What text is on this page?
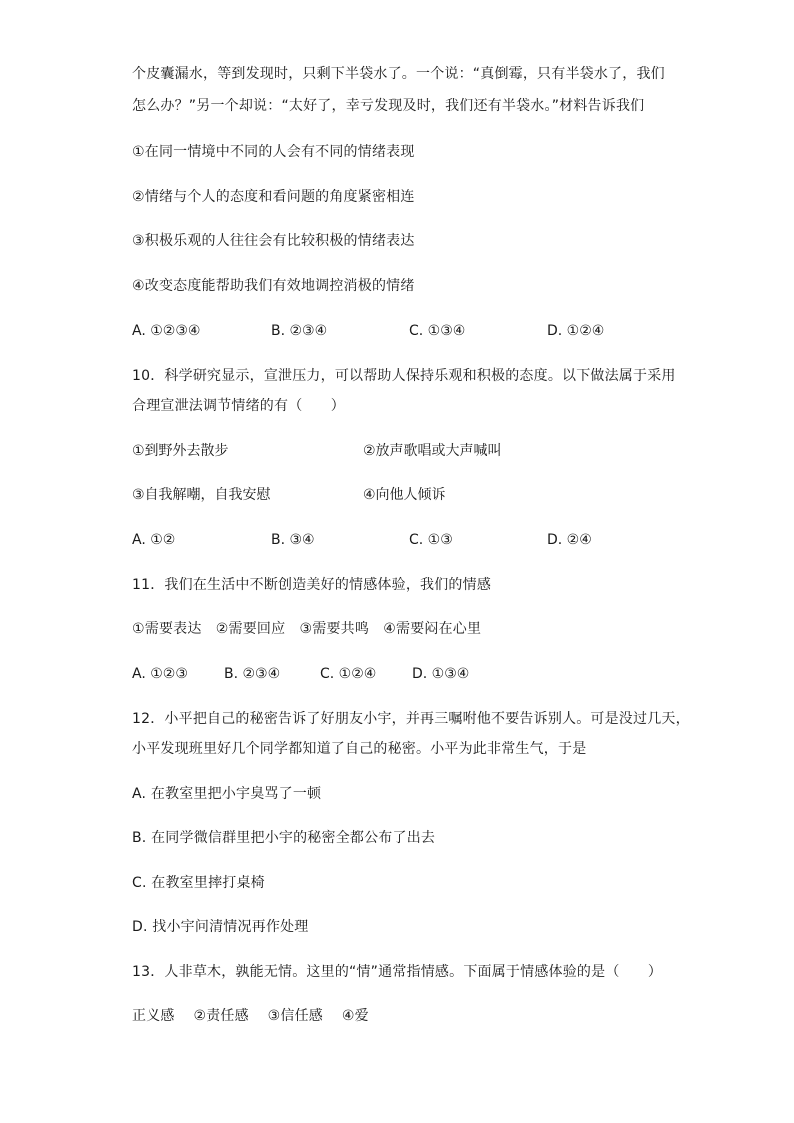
个皮囊漏水，等到发现时，只剩下半袋水了。一个说：“真倒霉，只有半袋水了，我们
怎么办？”另一个却说：“太好了，幸亏发现及时，我们还有半袋水。”材料告诉我们
①在同一情境中不同的人会有不同的情绪表现
②情绪与个人的态度和看问题的角度紧密相连
③积极乐观的人往往会有比较积极的情绪表达
④改变态度能帮助我们有效地调控消极的情绪
A. ①②③④	B. ②③④	C. ①③④	D. ①②④
10．科学研究显示，宣泄压力，可以帮助人保持乐观和积极的态度。以下做法属于采用
合理宣泄法调节情绪的有（　　）
①到野外去散步	②放声歌唱或大声喊叫
③自我解嘲，自我安慰	④向他人倾诉
A. ①②	B. ③④	C. ①③	D. ②④
11．我们在生活中不断创造美好的情感体验，我们的情感
①需要表达　②需要回应　③需要共鸣　④需要闷在心里
A. ①②③	B. ②③④	C. ①②④	D. ①③④
12．小平把自己的秘密告诉了好朋友小宇，并再三嘱咐他不要告诉别人。可是没过几天，
小平发现班里好几个同学都知道了自己的秘密。小平为此非常生气，于是
A. 在教室里把小宇臭骂了一顿
B. 在同学微信群里把小宇的秘密全都公布了出去
C. 在教室里摔打桌椅
D. 找小宇问清情况再作处理
13．人非草木，孰能无情。这里的“情”通常指情感。下面属于情感体验的是（　　）
正义感　 ②责任感　 ③信任感　 ④爱
